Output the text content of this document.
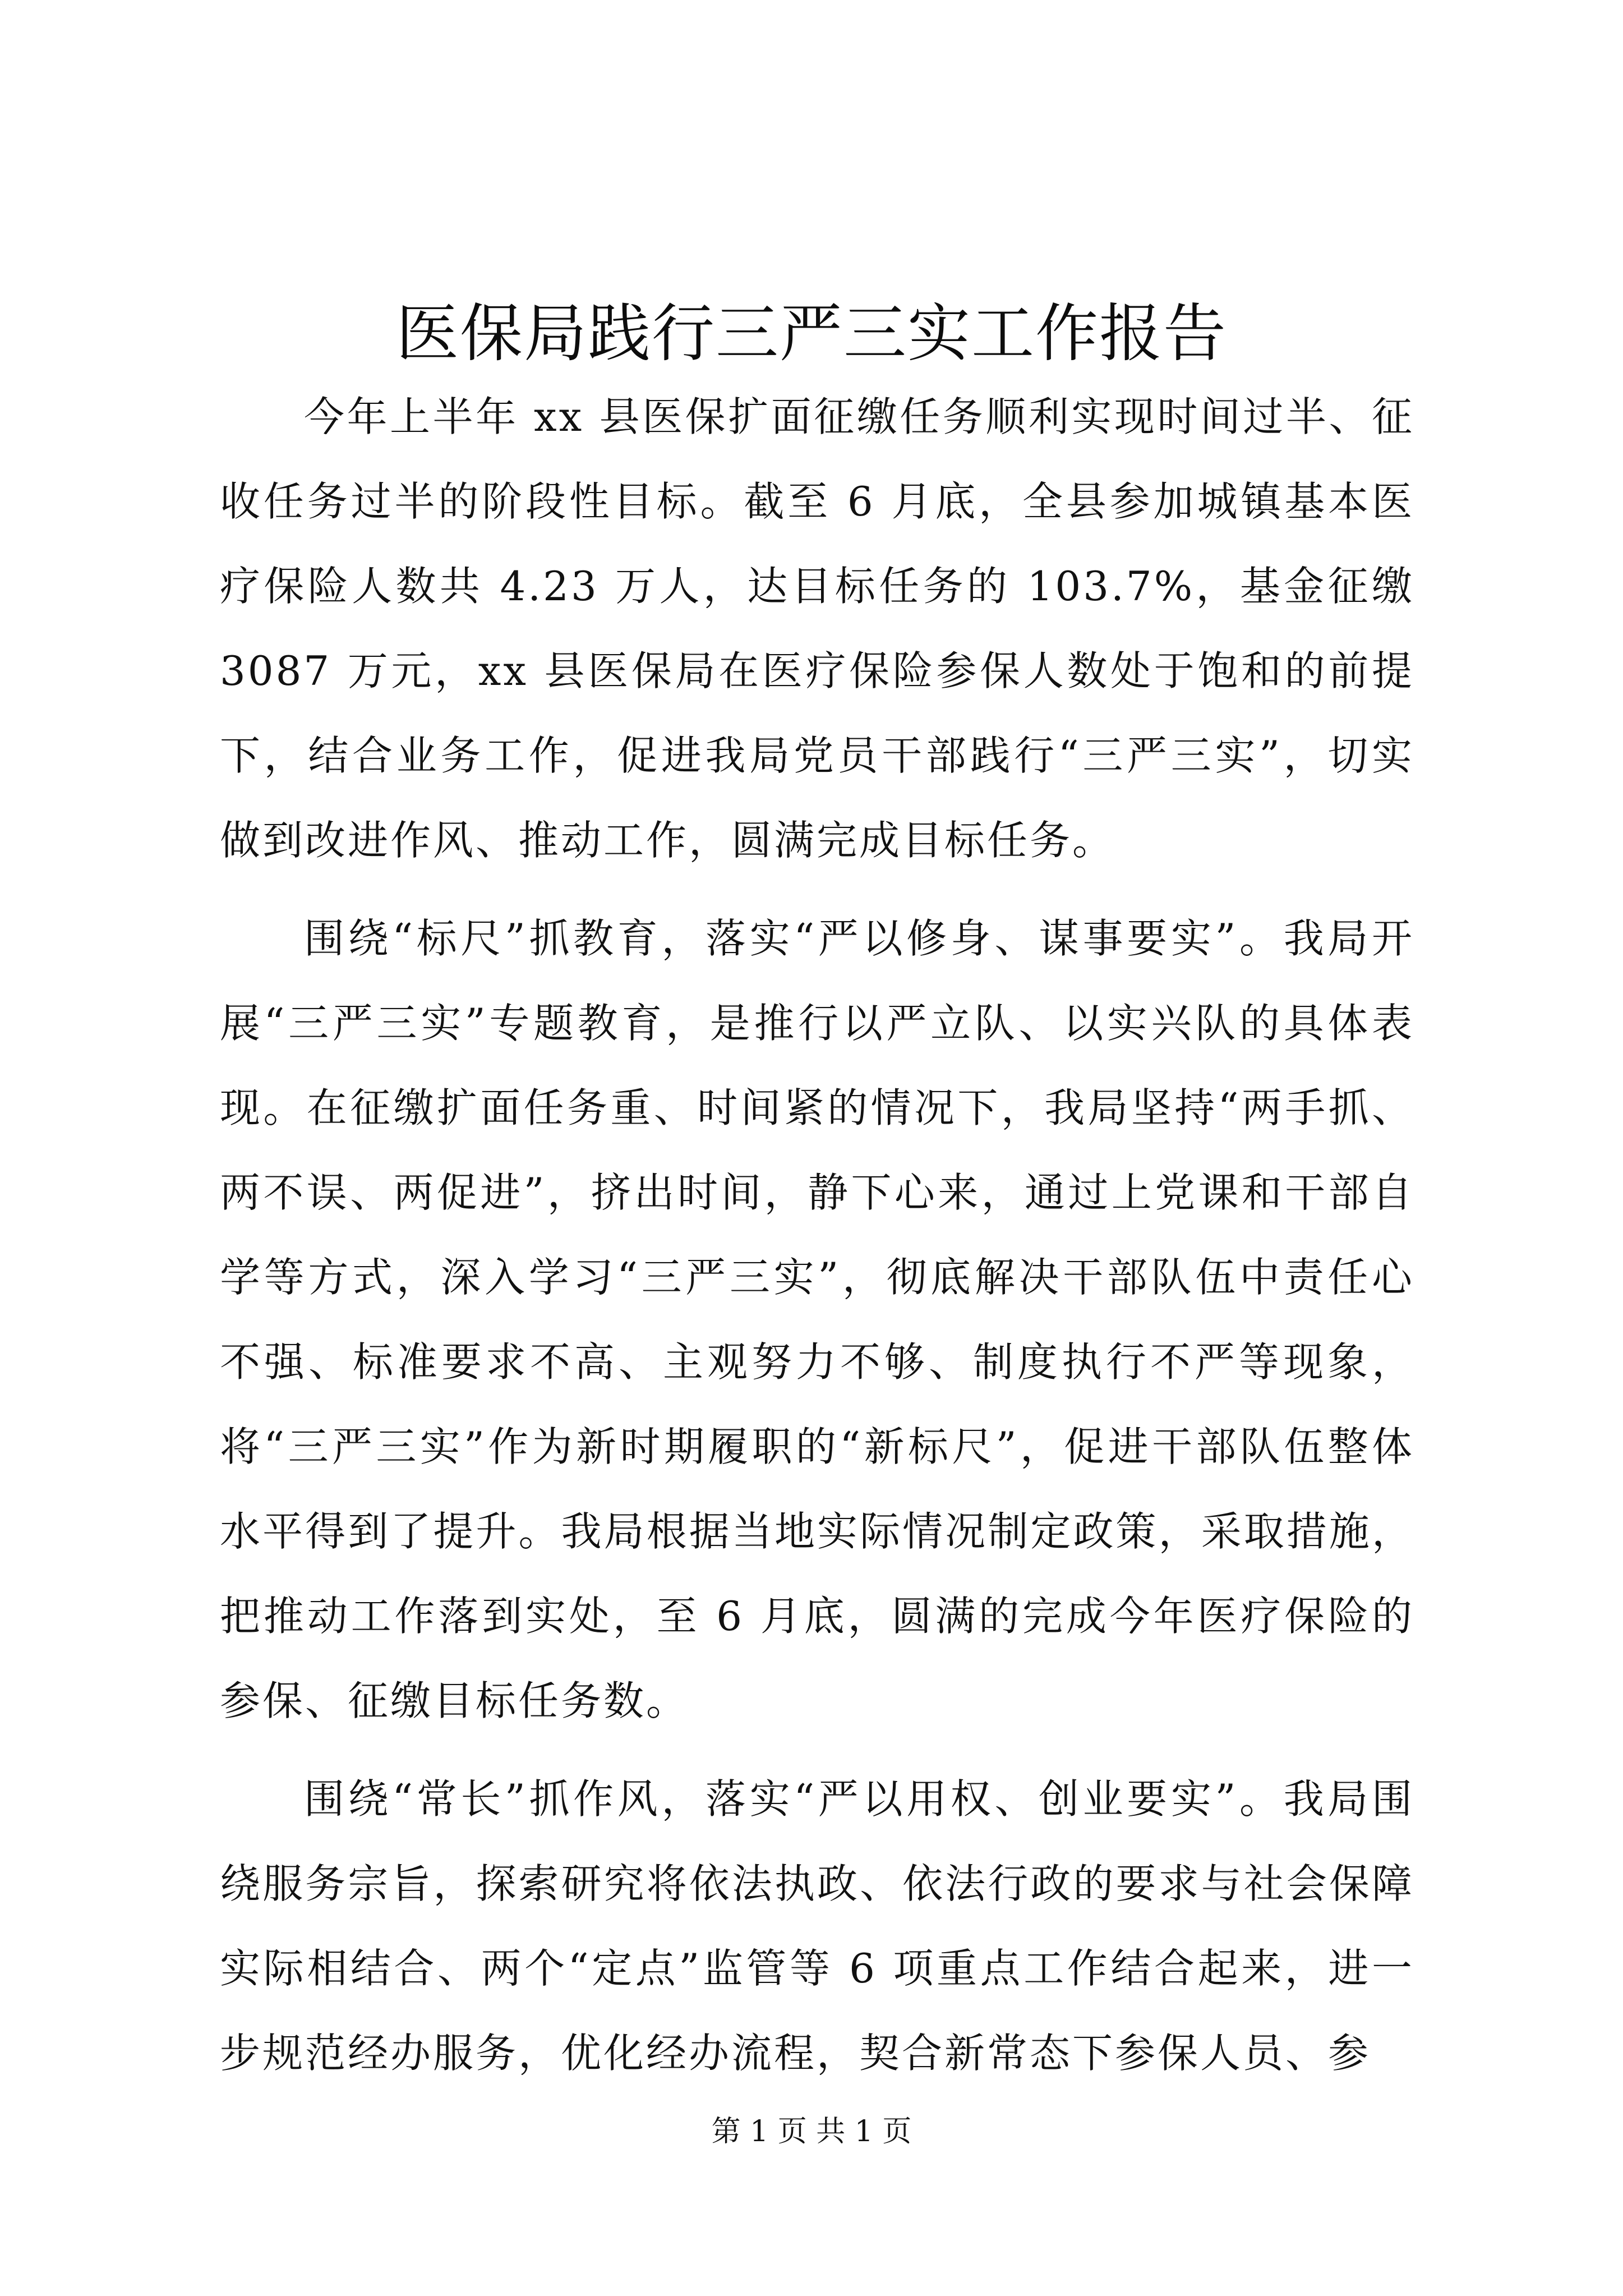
医保局践行三严三实工作报告

今年上半年 xx 县医保扩面征缴任务顺利实现时间过半、征收任务过半的阶段性目标。截至 6 月底，全县参加城镇基本医疗保险人数共 4.23 万人，达目标任务的 103.7%，基金征缴 3087 万元，xx 县医保局在医疗保险参保人数处于饱和的前提下，结合业务工作，促进我局党员干部践行“三严三实”，切实做到改进作风、推动工作，圆满完成目标任务。

围绕“标尺”抓教育，落实“严以修身、谋事要实”。我局开展“三严三实”专题教育，是推行以严立队、以实兴队的具体表现。在征缴扩面任务重、时间紧的情况下，我局坚持“两手抓、两不误、两促进”，挤出时间，静下心来，通过上党课和干部自学等方式，深入学习“三严三实”，彻底解决干部队伍中责任心不强、标准要求不高、主观努力不够、制度执行不严等现象，将“三严三实”作为新时期履职的“新标尺”，促进干部队伍整体水平得到了提升。我局根据当地实际情况制定政策，采取措施，把推动工作落到实处，至 6 月底，圆满的完成今年医疗保险的参保、征缴目标任务数。

围绕“常长”抓作风，落实“严以用权、创业要实”。我局围绕服务宗旨，探索研究将依法执政、依法行政的要求与社会保障实际相结合、两个“定点”监管等 6 项重点工作结合起来，进一步规范经办服务，优化经办流程，契合新常态下参保人员、参

第 1 页 共 1 页
